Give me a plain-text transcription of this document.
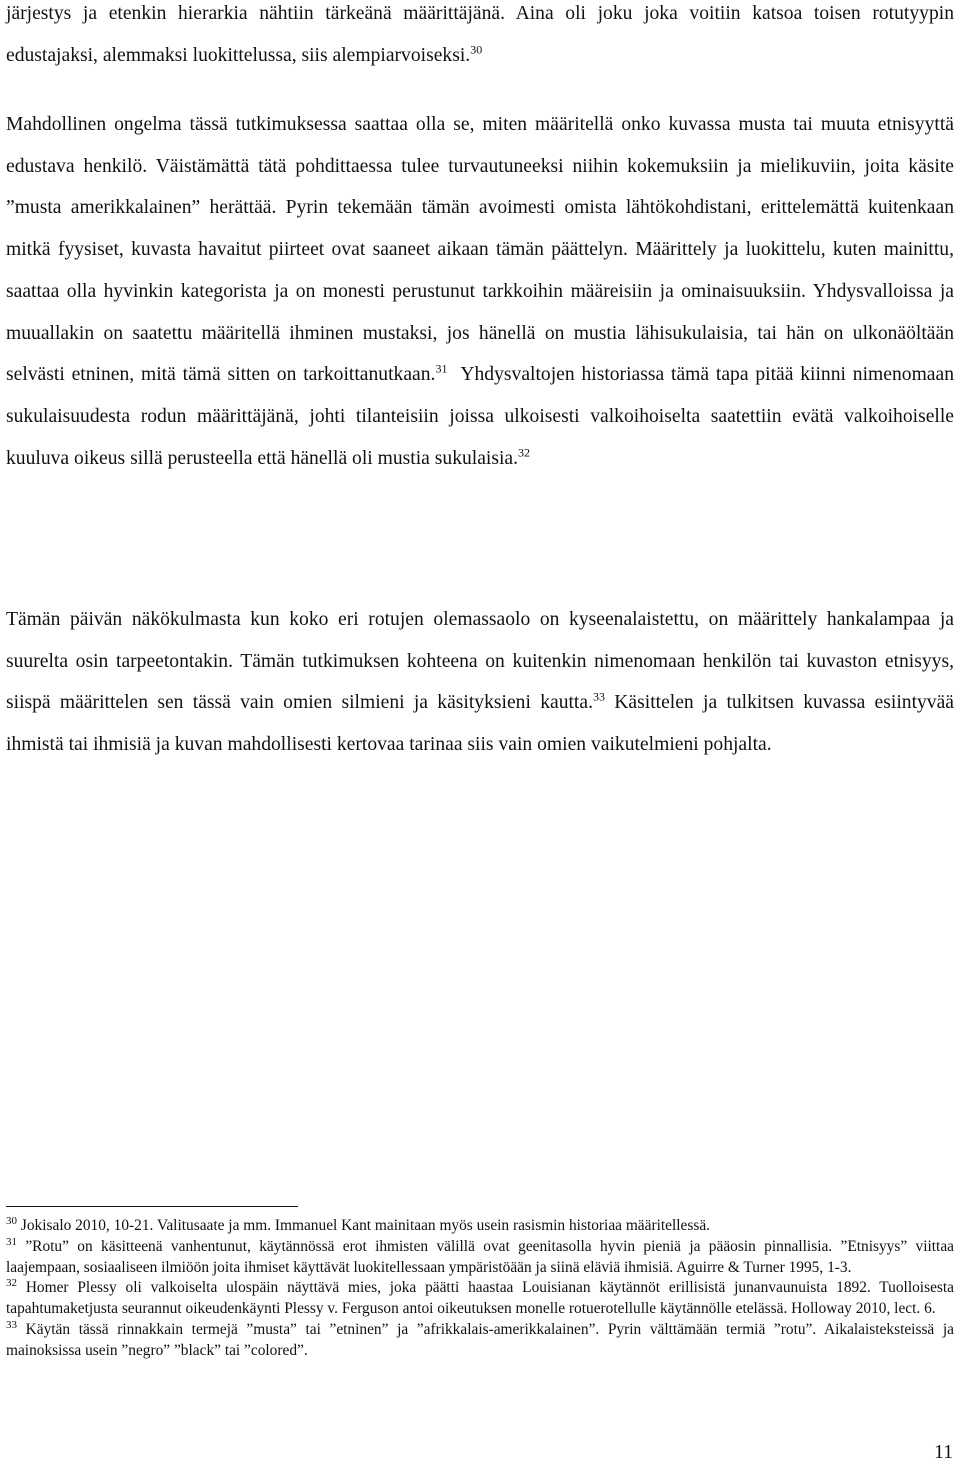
järjestys ja etenkin hierarkia nähtiin tärkeänä määrittäjänä. Aina oli joku joka voitiin katsoa toisen rotutyypin edustajaksi, alemmaksi luokittelussa, siis alempiarvoiseksi.$^{30}$

Mahdollinen ongelma tässä tutkimuksessa saattaa olla se, miten määritellä onko kuvassa musta tai muuta etnisyyttä edustava henkilö. Väistämättä tätä pohdittaessa tulee turvautuneeksi niihin kokemuksiin ja mielikuviin, joita käsite ”musta amerikkalainen” herättää. Pyrin tekemään tämän avoimesti omista lähtökohdistani, erittelemättä kuitenkaan mitkä fyysiset, kuvasta havaitut piirteet ovat saaneet aikaan tämän päättelyn. Määrittely ja luokittelu, kuten mainittu, saattaa olla hyvinkin kategorista ja on monesti perustunut tarkkoihin määreisiin ja ominaisuuksiin. Yhdysvalloissa ja muuallakin on saatettu määritellä ihminen mustaksi, jos hänellä on mustia lähisukulaisia, tai hän on ulkonäöltään selvästi etninen, mitä tämä sitten on tarkoittanutkaan.$^{31}$  Yhdysvaltojen historiassa tämä tapa pitää kiinni nimenomaan sukulaisuudesta rodun määrittäjänä, johti tilanteisiin joissa ulkoisesti valkoihoiselta saatettiin evätä valkoihoiselle kuuluva oikeus sillä perusteella että hänellä oli mustia sukulaisia.$^{32}$

Tämän päivän näkökulmasta kun koko eri rotujen olemassaolo on kyseenalaistettu, on määrittely hankalampaa ja suurelta osin tarpeetontakin. Tämän tutkimuksen kohteena on kuitenkin nimenomaan henkilön tai kuvaston etnisyys, siispä määrittelen sen tässä vain omien silmieni ja käsityksieni kautta.$^{33}$ Käsittelen ja tulkitsen kuvassa esiintyvää ihmistä tai ihmisiä ja kuvan mahdollisesti kertovaa tarinaa siis vain omien vaikutelmieni pohjalta.

$^{30}$ Jokisalo 2010, 10-21. Valitusaate ja mm. Immanuel Kant mainitaan myös usein rasismin historiaa määritellessä.

$^{31}$ ”Rotu” on käsitteenä vanhentunut, käytännössä erot ihmisten välillä ovat geenitasolla hyvin pieniä ja pääosin pinnallisia. ”Etnisyys” viittaa laajempaan, sosiaaliseen ilmiöön joita ihmiset käyttävät luokitellessaan ympäristöään ja siinä eläviä ihmisiä. Aguirre & Turner 1995, 1-3.

$^{32}$ Homer Plessy oli valkoiselta ulospäin näyttävä mies, joka päätti haastaa Louisianan käytännöt erillisistä junanvaunuista 1892. Tuolloisesta tapahtumaketjusta seurannut oikeudenkäynti Plessy v. Ferguson antoi oikeutuksen monelle rotuerotellulle käytännölle etelässä. Holloway 2010, lect. 6.

$^{33}$ Käytän tässä rinnakkain termejä ”musta” tai ”etninen” ja ”afrikkalais-amerikkalainen”. Pyrin välttämään termiä ”rotu”. Aikalaisteksteissä ja mainoksissa usein ”negro” ”black” tai ”colored”.

11
